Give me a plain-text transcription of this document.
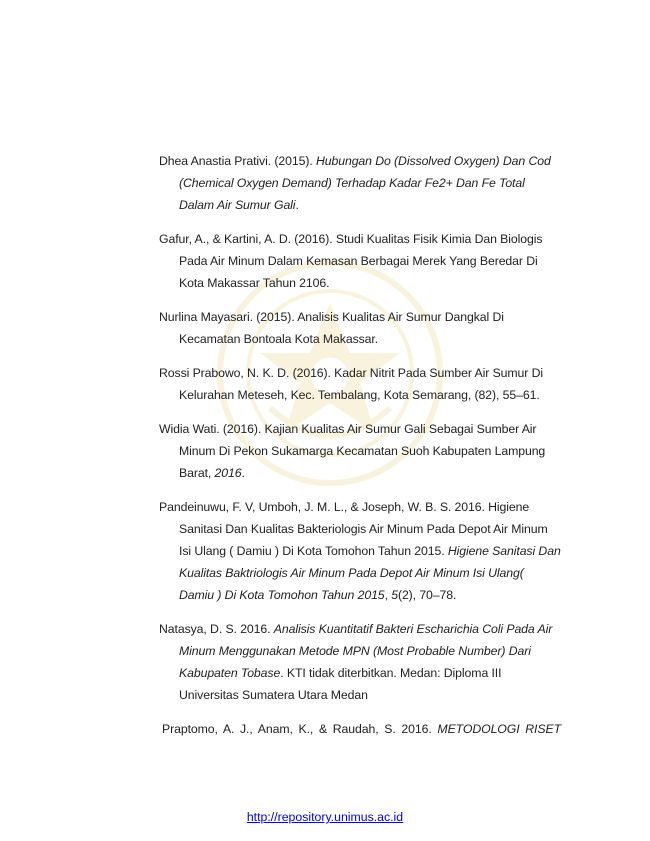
Dhea Anastia Prativi. (2015). Hubungan Do (Dissolved Oxygen) Dan Cod (Chemical Oxygen Demand) Terhadap Kadar Fe2+ Dan Fe Total Dalam Air Sumur Gali.

Gafur, A., & Kartini, A. D. (2016). Studi Kualitas Fisik Kimia Dan Biologis Pada Air Minum Dalam Kemasan Berbagai Merek Yang Beredar Di Kota Makassar Tahun 2106.

Nurlina Mayasari. (2015). Analisis Kualitas Air Sumur Dangkal Di Kecamatan Bontoala Kota Makassar.

Rossi Prabowo, N. K. D. (2016). Kadar Nitrit Pada Sumber Air Sumur Di Kelurahan Meteseh, Kec. Tembalang, Kota Semarang, (82), 55–61.

Widia Wati. (2016). Kajian Kualitas Air Sumur Gali Sebagai Sumber Air Minum Di Pekon Sukamarga Kecamatan Suoh Kabupaten Lampung Barat, 2016.

Pandeinuwu, F. V, Umboh, J. M. L., & Joseph, W. B. S. 2016. Higiene Sanitasi Dan Kualitas Bakteriologis Air Minum Pada Depot Air Minum Isi Ulang ( Damiu ) Di Kota Tomohon Tahun 2015. Higiene Sanitasi Dan Kualitas Baktriologis Air Minum Pada Depot Air Minum Isi Ulang( Damiu ) Di Kota Tomohon Tahun 2015, 5(2), 70–78.

Natasya, D. S. 2016. Analisis Kuantitatif Bakteri Escharichia Coli Pada Air Minum Menggunakan Metode MPN (Most Probable Number) Dari Kabupaten Tobase. KTI tidak diterbitkan. Medan: Diploma III Universitas Sumatera Utara Medan

Praptomo, A. J., Anam, K., & Raudah, S. 2016. METODOLOGI RISET

http://repository.unimus.ac.id
